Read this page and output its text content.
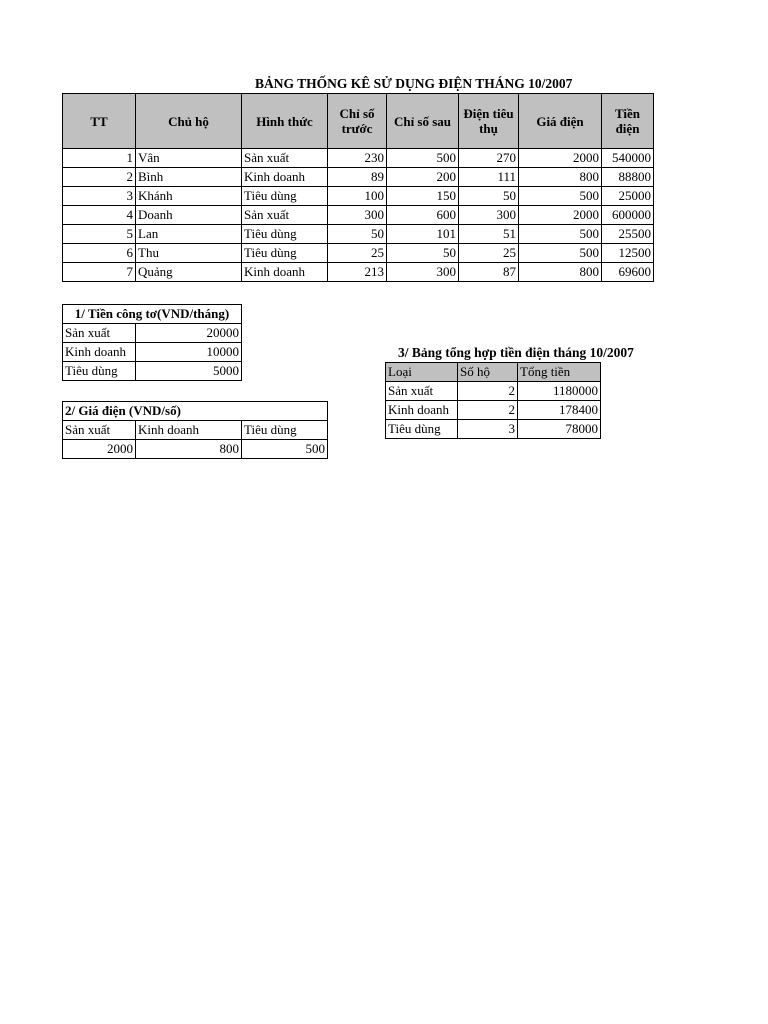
BẢNG THỐNG KÊ SỬ DỤNG ĐIỆN THÁNG 10/2007
TT	Chủ hộ	Hình thức	Chỉ số trước	Chỉ số sau	Điện tiêu thụ	Giá điện	Tiền điện
1	Vân	Sản xuất	230	500	270	2000	540000
2	Bình	Kinh doanh	89	200	111	800	88800
3	Khánh	Tiêu dùng	100	150	50	500	25000
4	Doanh	Sản xuất	300	600	300	2000	600000
5	Lan	Tiêu dùng	50	101	51	500	25500
6	Thu	Tiêu dùng	25	50	25	500	12500
7	Quảng	Kinh doanh	213	300	87	800	69600
1/ Tiền công tơ(VND/tháng)	
Sản xuất	20000
Kinh doanh	10000
Tiêu dùng	5000
2/ Giá điện (VND/số)		
Sản xuất	Kinh doanh	Tiêu dùng
2000	800	500
3/ Bảng tổng hợp tiền điện tháng 10/2007
Loại	Số hộ	Tổng tiền
Sản xuất	2	1180000
Kinh doanh	2	178400
Tiêu dùng	3	78000
